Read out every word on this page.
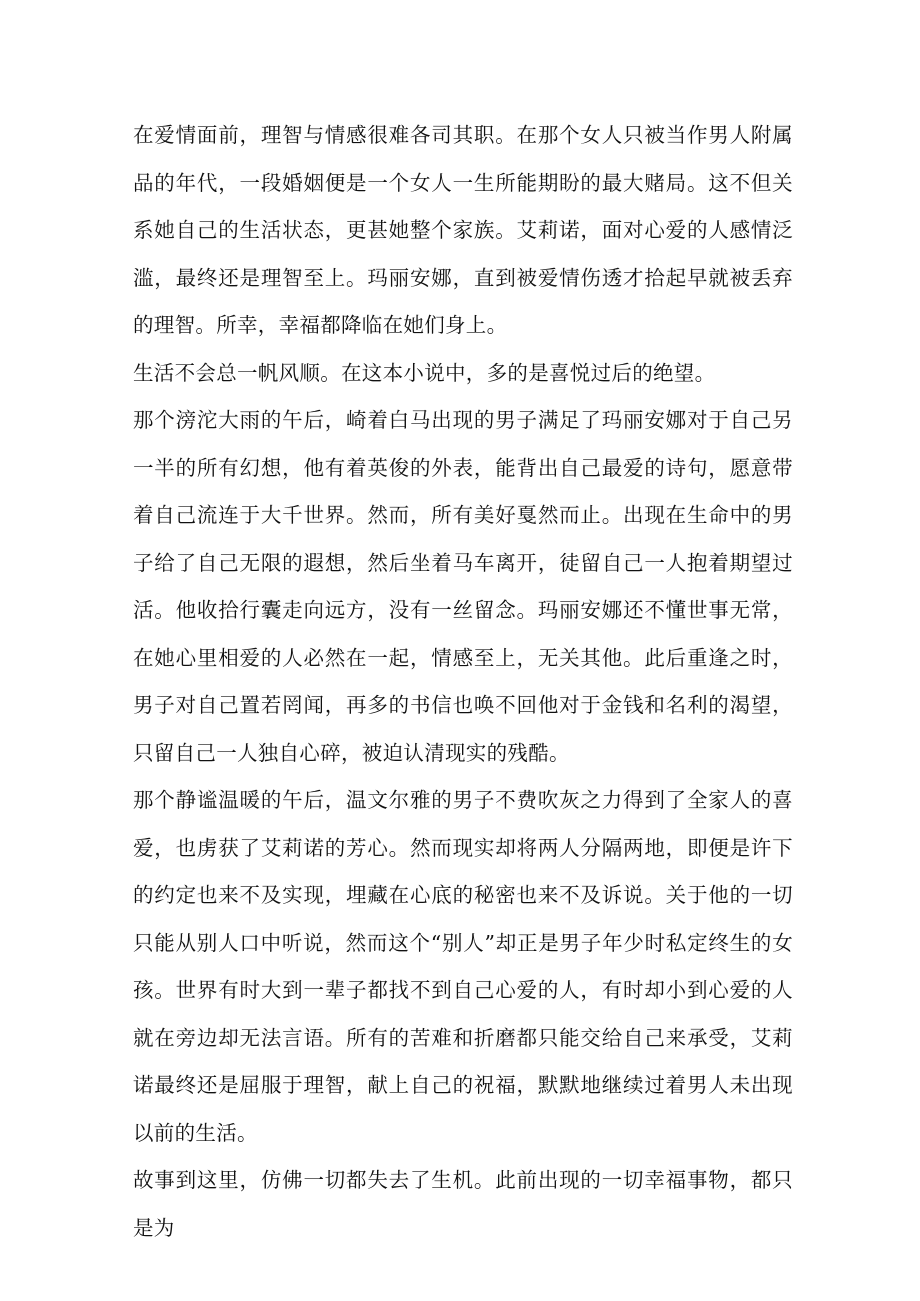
在爱情面前，理智与情感很难各司其职。在那个女人只被当作男人附属品的年代，一段婚姻便是一个女人一生所能期盼的最大赌局。这不但关系她自己的生活状态，更甚她整个家族。艾莉诺，面对心爱的人感情泛滥，最终还是理智至上。玛丽安娜，直到被爱情伤透才拾起早就被丢弃的理智。所幸，幸福都降临在她们身上。

生活不会总一帆风顺。在这本小说中，多的是喜悦过后的绝望。

那个滂沱大雨的午后，崎着白马出现的男子满足了玛丽安娜对于自己另一半的所有幻想，他有着英俊的外表，能背出自己最爱的诗句，愿意带着自己流连于大千世界。然而，所有美好戛然而止。出现在生命中的男子给了自己无限的遐想，然后坐着马车离开，徒留自己一人抱着期望过活。他收拾行囊走向远方，没有一丝留念。玛丽安娜还不懂世事无常，在她心里相爱的人必然在一起，情感至上，无关其他。此后重逢之时，男子对自己置若罔闻，再多的书信也唤不回他对于金钱和名利的渴望，只留自己一人独自心碎，被迫认清现实的残酷。

那个静谧温暖的午后，温文尔雅的男子不费吹灰之力得到了全家人的喜爱，也虏获了艾莉诺的芳心。然而现实却将两人分隔两地，即便是许下的约定也来不及实现，埋藏在心底的秘密也来不及诉说。关于他的一切只能从别人口中听说，然而这个“别人”却正是男子年少时私定终生的女孩。世界有时大到一辈子都找不到自己心爱的人，有时却小到心爱的人就在旁边却无法言语。所有的苦难和折磨都只能交给自己来承受，艾莉诺最终还是屈服于理智，献上自己的祝福，默默地继续过着男人未出现以前的生活。

故事到这里，仿佛一切都失去了生机。此前出现的一切幸福事物，都只是为
